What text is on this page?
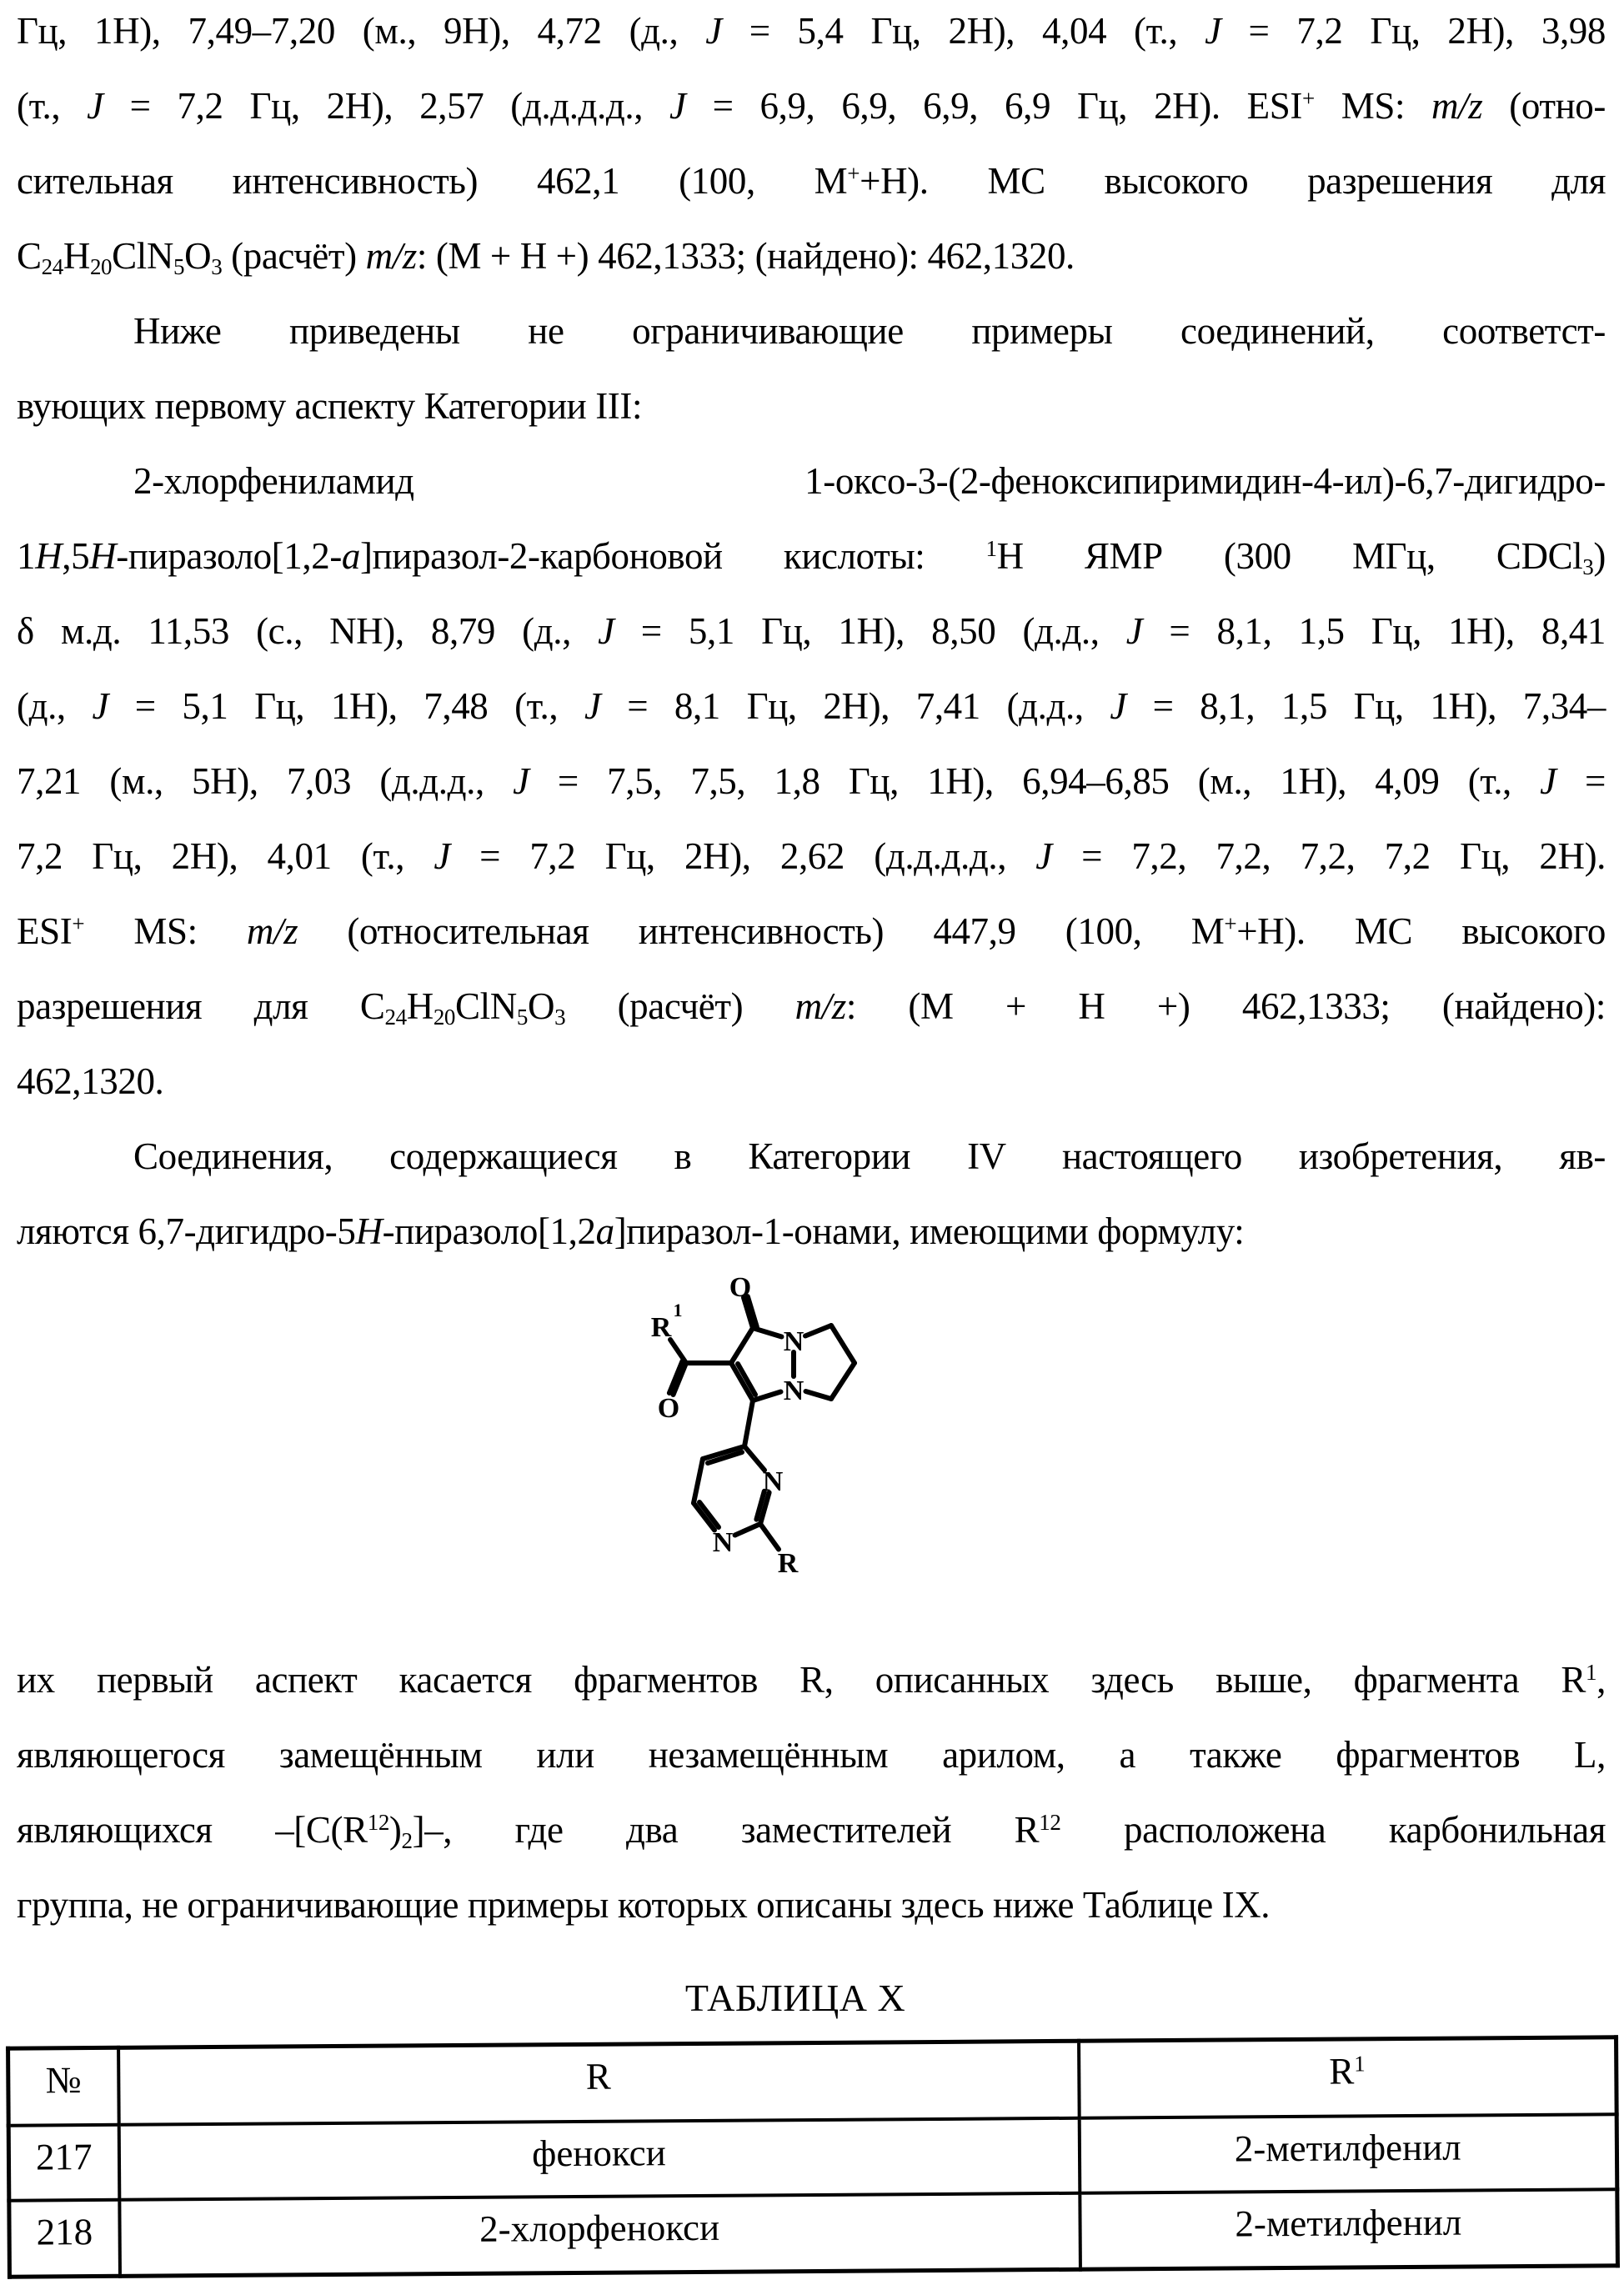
Гц, 1H), 7,49–7,20 (м., 9H), 4,72 (д., J = 5,4 Гц, 2H), 4,04 (т., J = 7,2 Гц, 2H), 3,98
(т., J = 7,2 Гц, 2H), 2,57 (д.д.д.д., J = 6,9, 6,9, 6,9, 6,9 Гц, 2H). ESI+ MS: m/z (отно-
сительная интенсивность) 462,1 (100, M++H). МС высокого разрешения для
$C_{24}H_{20}ClN_5O_3$ (расчёт) m/z: (M + H +) 462,1333; (найдено): 462,1320.
Ниже приведены не ограничивающие примеры соединений, соответст-
вующих первому аспекту Категории III:
2-хлорфениламид	1-оксо-3-(2-феноксипиримидин-4-ил)-6,7-дигидро-
1H,5H-пиразоло[1,2-a]пиразол-2-карбоновой кислоты: $^1$H ЯМР (300 МГц, CDCl$_3$)
δ м.д. 11,53 (с., NH), 8,79 (д., J = 5,1 Гц, 1H), 8,50 (д.д., J = 8,1, 1,5 Гц, 1H), 8,41
(д., J = 5,1 Гц, 1H), 7,48 (т., J = 8,1 Гц, 2H), 7,41 (д.д., J = 8,1, 1,5 Гц, 1H), 7,34–
7,21 (м., 5H), 7,03 (д.д.д., J = 7,5, 7,5, 1,8 Гц, 1H), 6,94–6,85 (м., 1H), 4,09 (т., J =
7,2 Гц, 2H), 4,01 (т., J = 7,2 Гц, 2H), 2,62 (д.д.д.д., J = 7,2, 7,2, 7,2, 7,2 Гц, 2H).
ESI+ MS: m/z (относительная интенсивность) 447,9 (100, M++H). МС высокого
разрешения для $C_{24}H_{20}ClN_5O_3$ (расчёт) m/z: (M + H +) 462,1333; (найдено):
462,1320.
Соединения, содержащиеся в Категории IV настоящего изобретения, яв-
ляются 6,7-дигидро-5H-пиразоло[1,2a]пиразол-1-онами, имеющими формулу:
O
O
N
N
N
N
R
1
R
их первый аспект касается фрагментов R, описанных здесь выше, фрагмента $R^1$,
являющегося замещённым или незамещённым арилом, а также фрагментов L,
являющихся $-[C(R^{12})_2]-$, где два заместителей $R^{12}$ расположена карбонильная
группа, не ограничивающие примеры которых описаны здесь ниже Таблице IX.
ТАБЛИЦА X
№	R	$R^1$
217	фенокси	2-метилфенил
218	2-хлорфенокси	2-метилфенил
